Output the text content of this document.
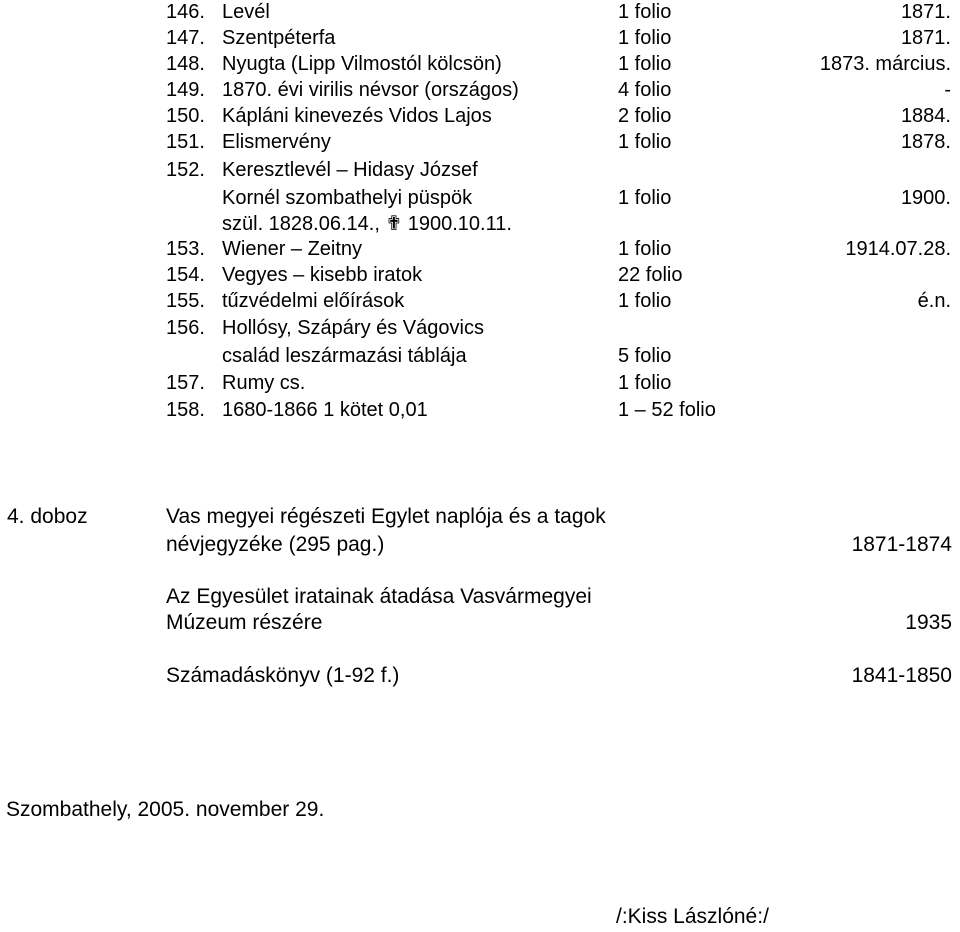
146. Levél	1 folio	1871.
147. Szentpéterfa	1 folio	1871.
148. Nyugta (Lipp Vilmostól kölcsön)	1 folio	1873. március.
149. 1870. évi virilis névsor (országos)	4 folio	-
150. Kápláni kinevezés Vidos Lajos	2 folio	1884.
151. Elismervény	1 folio	1878.
152. Keresztlevél – Hidasy József
Kornél szombathelyi püspök	1 folio	1900.
szül. 1828.06.14., ✟ 1900.10.11.
153. Wiener – Zeitny	1 folio	1914.07.28.
154. Vegyes – kisebb iratok	22 folio
155. tűzvédelmi előírások	1 folio	é.n.
156. Hollósy, Szápáry és Vágovics
család leszármazási táblája	5 folio
157. Rumy cs.	1 folio
158. 1680-1866 1 kötet 0,01	1 – 52 folio
4. doboz	Vas megyei régészeti Egylet naplója és a tagok
névjegyzéke (295 pag.)	1871-1874
Az Egyesület iratainak átadása Vasvármegyei
Múzeum részére	1935
Számadáskönyv (1-92 f.)	1841-1850
Szombathely, 2005. november 29.
/:Kiss Lászlóné:/
